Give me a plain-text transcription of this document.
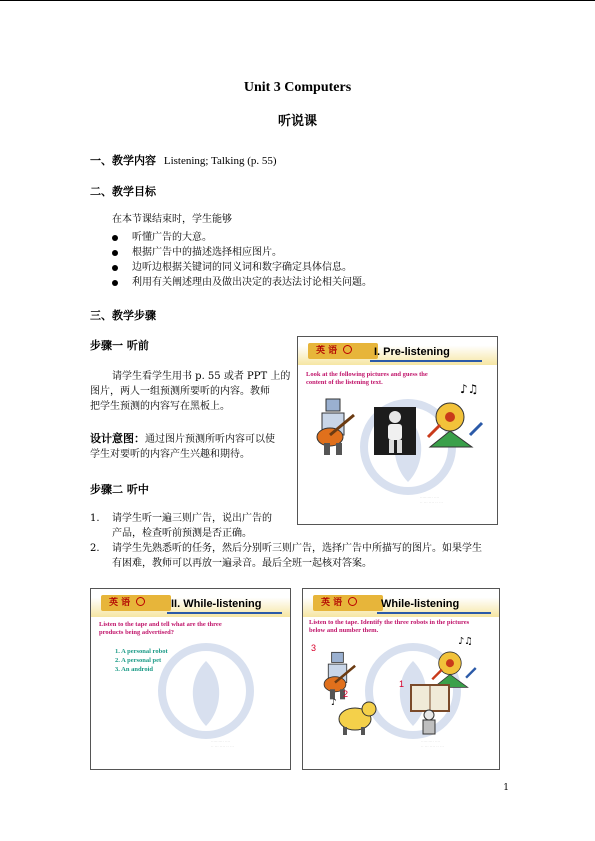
Unit 3 Computers
听说课
一、教学内容 Listening; Talking (p. 55)
二、教学目标
在本节课结束时，学生能够
听懂广告的大意。
根据广告中的描述选择相应图片。
边听边根据关键词的同义词和数字确定具体信息。
利用有关阐述理由及做出决定的表达法讨论相关问题。
三、教学步骤
步骤一 听前
请学生看学生用书 p. 55 或者 PPT 上的
图片，两人一组预测所要听的内容。教师
把学生预测的内容写在黑板上。
设计意图：通过图片预测所听内容可以使
学生对要听的内容产生兴趣和期待。
步骤二 听中
1. 请学生听一遍三则广告，说出广告的
产品，检查听前预测是否正确。
2. 请学生先熟悉听的任务，然后分别听三则广告，选择广告中所描写的图片。如果学生
有困难，教师可以再放一遍录音。最后全班一起核对答案。
英 语	I. Pre-listening
Look at the following pictures and guess the
content of the listening text.	♪♫
·········· ····
·· ··· ···· ·· ···
英 语	II. While-listening
Listen to the tape and tell what are the three
products being advertised?
1. A personal robot
2. A personal pet
3. An android
·········· ····
·· ··· ···· ·· ···
英 语	While-listening
Listen to the tape. Identify the three robots in the pictures
below and number them.
3
♪♫
2
♪
1
·········· ····
·· ··· ···· ·· ···
1
